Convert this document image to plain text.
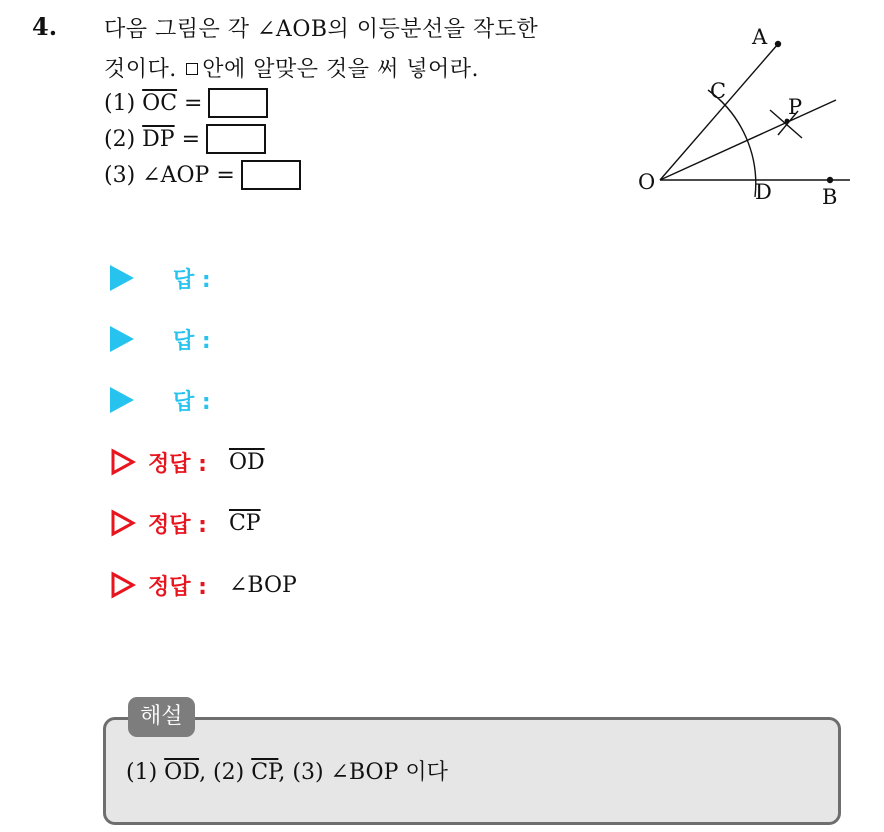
4. 다음 그림은 각 ∠AOB의 이등분선을 작도한
것이다. 안에 알맞은 것을 써 넣어라.
(1)
$\overline{OC}$
=
(2)
$\overline{DP}$
=
(3)
∠AOP
=	O
A
B
C
D
P
답 :
답 :
답 :
정답 : $\overline{OD}$
정답 : $\overline{CP}$
정답 : ∠BOP
해설
(1) $\overline{OD}$, (2) $\overline{CP}$, (3) ∠BOP 이다
